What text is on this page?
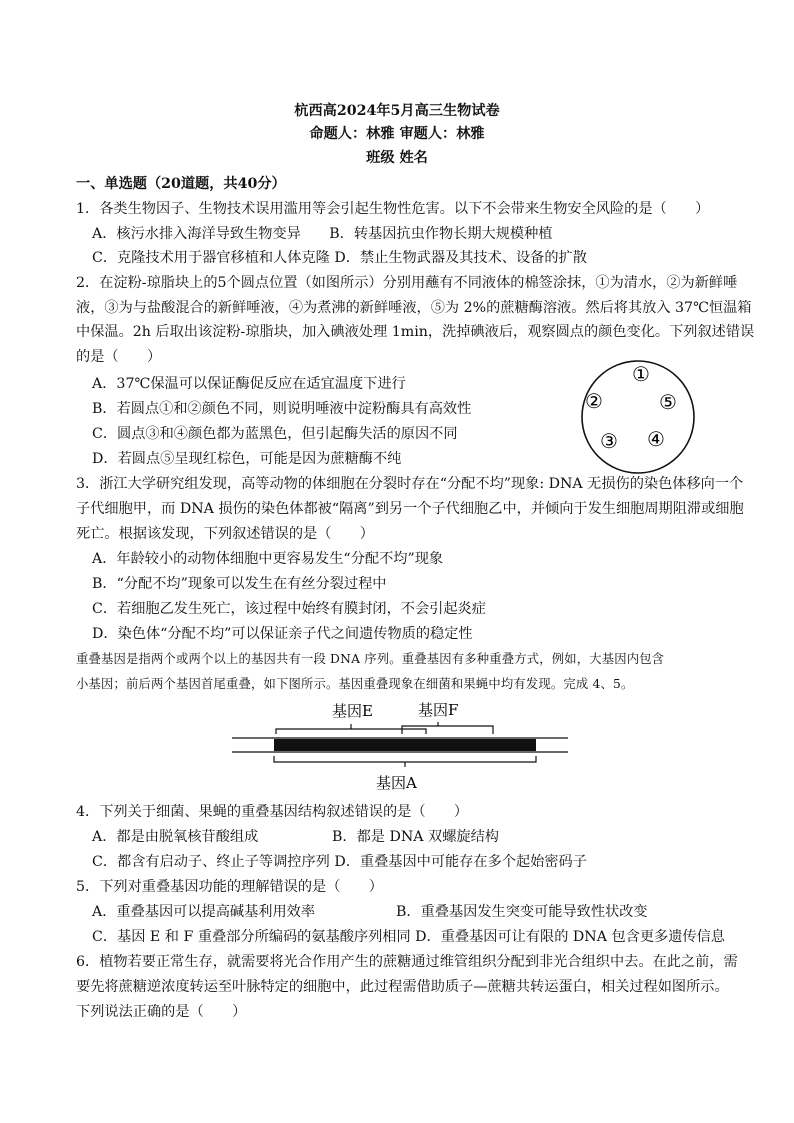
杭西高2024年5月高三生物试卷
命题人：林雅 审题人：林雅
班级 姓名
一、单选题（20道题，共40分）
1．各类生物因子、生物技术误用滥用等会引起生物性危害。以下不会带来生物安全风险的是（　　）
A．核污水排入海洋导致生物变异　　B．转基因抗虫作物长期大规模种植
C．克隆技术用于器官移植和人体克隆 D．禁止生物武器及其技术、设备的扩散
2．在淀粉-琼脂块上的5个圆点位置（如图所示）分别用蘸有不同液体的棉签涂抹，①为清水，②为新鲜唾
液，③为与盐酸混合的新鲜唾液，④为煮沸的新鲜唾液，⑤为 2%的蔗糖酶溶液。然后将其放入 37℃恒温箱
中保温。2h 后取出该淀粉-琼脂块，加入碘液处理 1min，洗掉碘液后，观察圆点的颜色变化。下列叙述错误
的是（　　）
A．37℃保温可以保证酶促反应在适宜温度下进行
B．若圆点①和②颜色不同，则说明唾液中淀粉酶具有高效性
C．圆点③和④颜色都为蓝黑色，但引起酶失活的原因不同
D．若圆点⑤呈现红棕色，可能是因为蔗糖酶不纯
①
②	⑤
③ ④
3．浙江大学研究组发现，高等动物的体细胞在分裂时存在“分配不均”现象: DNA 无损伤的染色体移向一个
子代细胞甲，而 DNA 损伤的染色体都被“隔离”到另一个子代细胞乙中，并倾向于发生细胞周期阻滞或细胞
死亡。根据该发现，下列叙述错误的是（　　）
A．年龄较小的动物体细胞中更容易发生“分配不均”现象
B．“分配不均”现象可以发生在有丝分裂过程中
C．若细胞乙发生死亡，该过程中始终有膜封闭，不会引起炎症
D．染色体“分配不均”可以保证亲子代之间遗传物质的稳定性
重叠基因是指两个或两个以上的基因共有一段 DNA 序列。重叠基因有多种重叠方式，例如，大基因内包含
小基因；前后两个基因首尾重叠，如下图所示。基因重叠现象在细菌和果蝇中均有发现。完成 4、5。
基因E	基因F
基因A
4．下列关于细菌、果蝇的重叠基因结构叙述错误的是（　　）
A．都是由脱氧核苷酸组成	B．都是 DNA 双螺旋结构
C．都含有启动子、终止子等调控序列 D．重叠基因中可能存在多个起始密码子
5．下列对重叠基因功能的理解错误的是（　　）
A．重叠基因可以提高碱基利用效率	B．重叠基因发生突变可能导致性状改变
C．基因 E 和 F 重叠部分所编码的氨基酸序列相同 D．重叠基因可让有限的 DNA 包含更多遗传信息
6．植物若要正常生存，就需要将光合作用产生的蔗糖通过维管组织分配到非光合组织中去。在此之前，需
要先将蔗糖逆浓度转运至叶脉特定的细胞中，此过程需借助质子—蔗糖共转运蛋白，相关过程如图所示。
下列说法正确的是（　　）
